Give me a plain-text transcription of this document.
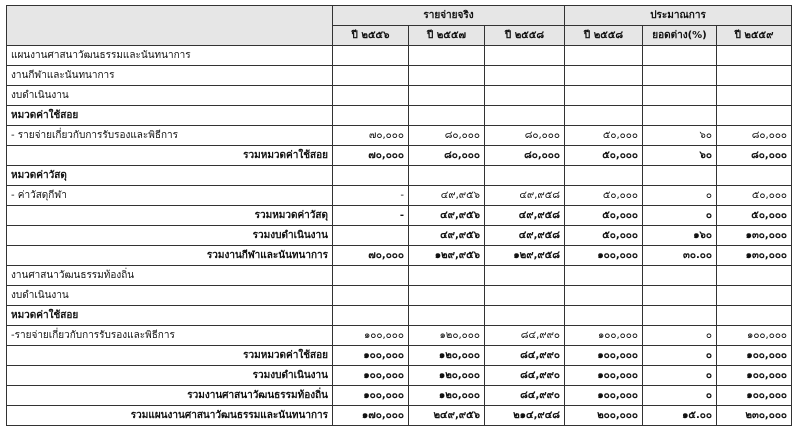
	รายจ่ายจริง			ประมาณการ		
	ปี ๒๕๕๖	ปี ๒๕๕๗	ปี ๒๕๕๘	ปี ๒๕๕๘	ยอดต่าง(%)	ปี ๒๕๕๙
แผนงานศาสนาวัฒนธรรมและนันทนาการ						
งานกีฬาและนันทนาการ						
งบดำเนินงาน						
หมวดค่าใช้สอย						
- รายจ่ายเกี่ยวกับการรับรองและพิธีการ	๗๐,๐๐๐	๘๐,๐๐๐	๘๐,๐๐๐	๕๐,๐๐๐	๖๐	๘๐,๐๐๐
รวมหมวดค่าใช้สอย	๗๐,๐๐๐	๘๐,๐๐๐	๘๐,๐๐๐	๕๐,๐๐๐	๖๐	๘๐,๐๐๐
หมวดค่าวัสดุ						
- ค่าวัสดุกีฬา	-	๔๙,๙๕๖	๔๙,๙๕๘	๕๐,๐๐๐	๐	๕๐,๐๐๐
รวมหมวดค่าวัสดุ	-	๔๙,๙๕๖	๔๙,๙๕๘	๕๐,๐๐๐	๐	๕๐,๐๐๐
รวมงบดำเนินงาน		๔๙,๙๕๖	๔๙,๙๕๘	๕๐,๐๐๐	๑๖๐	๑๓๐,๐๐๐
รวมงานกีฬาและนันทนาการ	๗๐,๐๐๐	๑๒๙,๙๕๖	๑๒๙,๙๕๘	๑๐๐,๐๐๐	๓๐.๐๐	๑๓๐,๐๐๐
งานศาสนาวัฒนธรรมท้องถิ่น						
งบดำเนินงาน						
หมวดค่าใช้สอย						
-รายจ่ายเกี่ยวกับการรับรองและพิธีการ	๑๐๐,๐๐๐	๑๒๐,๐๐๐	๘๔,๙๙๐	๑๐๐,๐๐๐	๐	๑๐๐,๐๐๐
รวมหมวดค่าใช้สอย	๑๐๐,๐๐๐	๑๒๐,๐๐๐	๘๔,๙๙๐	๑๐๐,๐๐๐	๐	๑๐๐,๐๐๐
รวมงบดำเนินงาน	๑๐๐,๐๐๐	๑๒๐,๐๐๐	๘๔,๙๙๐	๑๐๐,๐๐๐	๐	๑๐๐,๐๐๐
รวมงานศาสนาวัฒนธรรมท้องถิ่น	๑๐๐,๐๐๐	๑๒๐,๐๐๐	๘๔,๙๙๐	๑๐๐,๐๐๐	๐	๑๐๐,๐๐๐
รวมแผนงานศาสนาวัฒนธรรมและนันทนาการ	๑๗๐,๐๐๐	๒๔๙,๙๕๖	๒๑๔,๙๔๘	๒๐๐,๐๐๐	๑๕.๐๐	๒๓๐,๐๐๐
